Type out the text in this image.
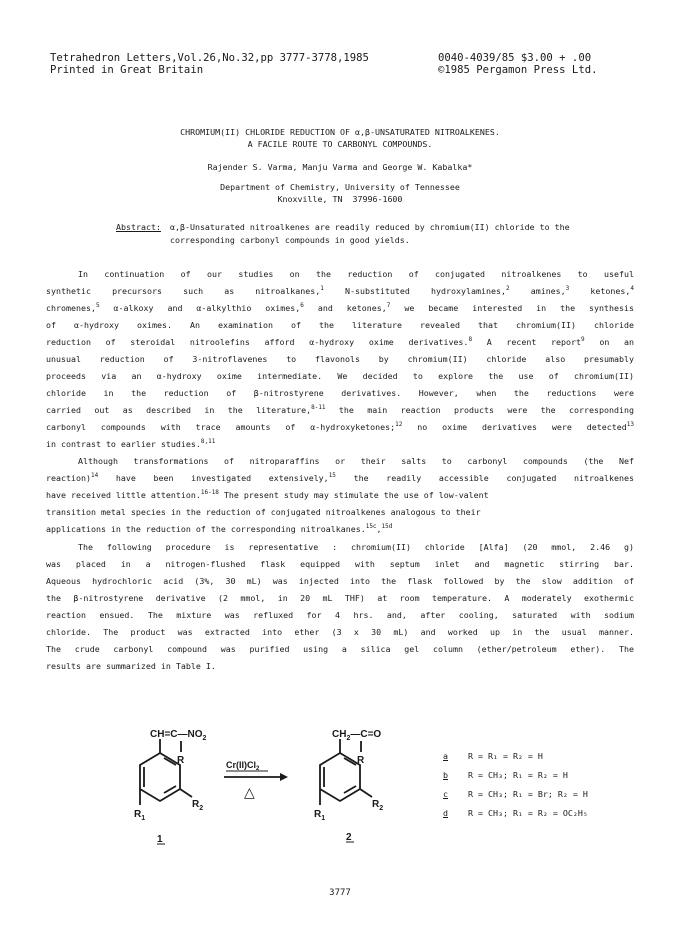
Tetrahedron Letters,Vol.26,No.32,pp 3777-3778,1985	0040-4039/85 $3.00 + .00
Printed in Great Britain	©1985 Pergamon Press Ltd.
CHROMIUM(II) CHLORIDE REDUCTION OF α,β-UNSATURATED NITROALKENES.
A FACILE ROUTE TO CARBONYL COMPOUNDS.
Rajender S. Varma, Manju Varma and George W. Kabalka*
Department of Chemistry, University of Tennessee
Knoxville, TN  37996-1600
Abstract: α,β-Unsaturated nitroalkenes are readily reduced by chromium(II) chloride to the corresponding carbonyl compounds in good yields.
In continuation of our studies on the reduction of conjugated nitroalkenes to useful
synthetic precursors such as nitroalkanes,$^1$ N-substituted hydroxylamines,$^2$ amines,$^3$ ketones,$^4$
chromenes,$^5$ α-alkoxy and α-alkylthio oximes,$^6$ and ketones,$^7$ we became interested in the synthesis
of α-hydroxy oximes. An examination of the literature revealed that chromium(II) chloride
reduction of steroidal nitroolefins afford α-hydroxy oxime derivatives.$^8$ A recent report$^9$ on an
unusual reduction of 3-nitroflavenes to flavonols by chromium(II) chloride also presumably
proceeds via an α-hydroxy oxime intermediate. We decided to explore the use of chromium(II)
chloride in the reduction of β-nitrostyrene derivatives. However, when the reductions were
carried out as described in the literature,$^{8-11}$ the main reaction products were the corresponding
carbonyl compounds with trace amounts of α-hydroxyketones;$^{12}$ no oxime derivatives were detected$^{13}$
in contrast to earlier studies.$^{8,11}$
Although transformations of nitroparaffins or their salts to carbonyl compounds (the Nef
reaction)$^{14}$ have been investigated extensively,$^{15}$ the readily accessible conjugated nitroalkenes
have received little attention.$^{16-18}$ The present study may stimulate the use of low-valent
transition metal species in the reduction of conjugated nitroalkenes analogous to their
applications in the reduction of the corresponding nitroalkanes.$^{15c}$,$^{15d}$
The following procedure is representative : chromium(II) chloride [Alfa] (20 mmol, 2.46 g)
was placed in a nitrogen-flushed flask equipped with septum inlet and magnetic stirring bar.
Aqueous hydrochloric acid (3%, 30 mL) was injected into the flask followed by the slow addition of
the β-nitrostyrene derivative (2 mmol, in 20 mL THF) at room temperature. A moderately exothermic
reaction ensued. The mixture was refluxed for 4 hrs. and, after cooling, saturated with sodium
chloride. The product was extracted into ether (3 x 30 mL) and worked up in the usual manner.
The crude carbonyl compound was purified using a silica gel column (ether/petroleum ether). The
results are summarized in Table I.
$CH=C—NO_2$
R
$R_2$
$R_1$
1
$Cr(II)Cl_2$
△
$CH_2—C=O$
R
$R_2$
$R_1$
2
a R = R₁ = R₂ = H
b R = CH₃; R₁ = R₂ = H
c R = CH₃; R₁ = Br; R₂ = H
d R = CH₃; R₁ = R₂ = OC₂H₅
3777
